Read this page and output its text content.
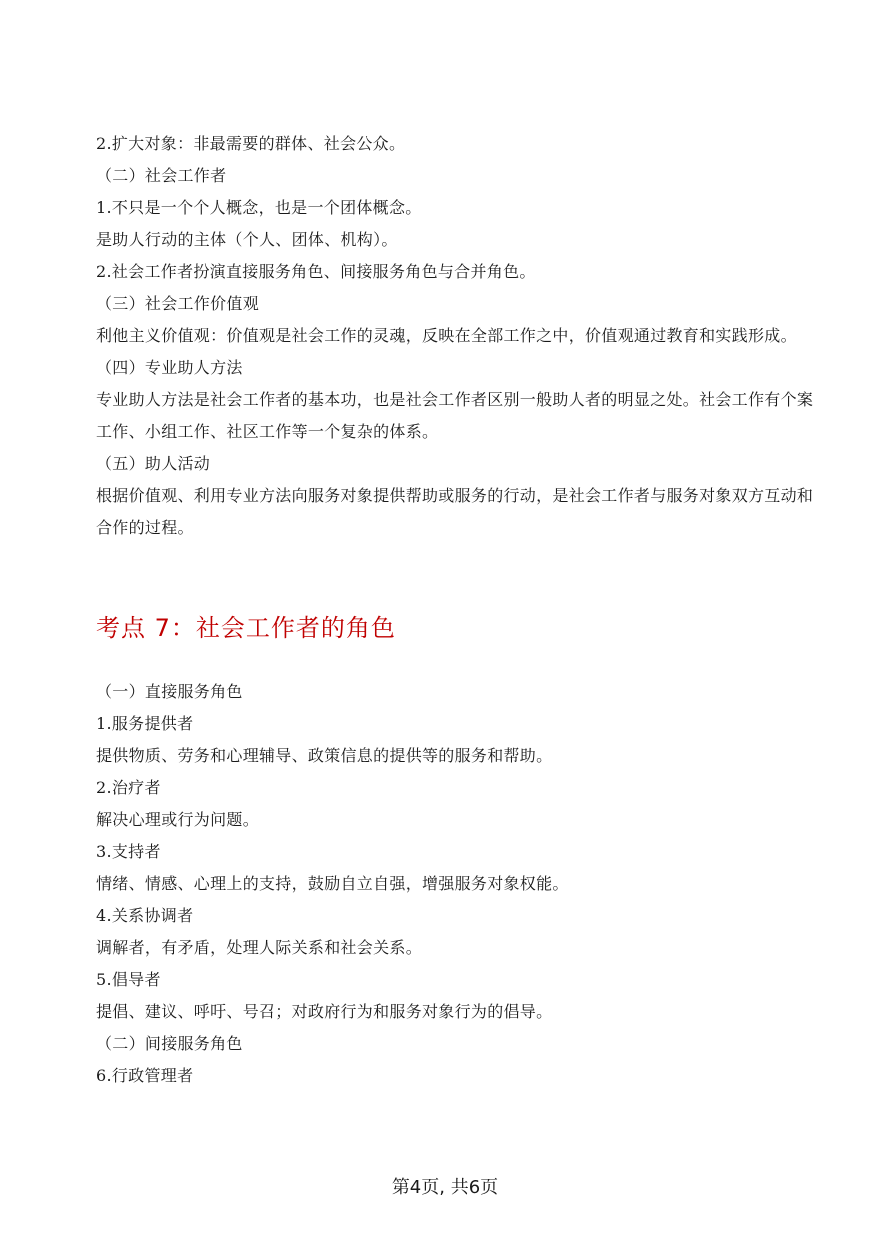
2.扩大对象：非最需要的群体、社会公众。
（二）社会工作者
1.不只是一个个人概念，也是一个团体概念。
是助人行动的主体（个人、团体、机构）。
2.社会工作者扮演直接服务角色、间接服务角色与合并角色。
（三）社会工作价值观
利他主义价值观：价值观是社会工作的灵魂，反映在全部工作之中，价值观通过教育和实践形成。
（四）专业助人方法
专业助人方法是社会工作者的基本功，也是社会工作者区别一般助人者的明显之处。社会工作有个案工作、小组工作、社区工作等一个复杂的体系。
（五）助人活动
根据价值观、利用专业方法向服务对象提供帮助或服务的行动，是社会工作者与服务对象双方互动和合作的过程。
考点 7：社会工作者的角色
（一）直接服务角色
1.服务提供者
提供物质、劳务和心理辅导、政策信息的提供等的服务和帮助。
2.治疗者
解决心理或行为问题。
3.支持者
情绪、情感、心理上的支持，鼓励自立自强，增强服务对象权能。
4.关系协调者
调解者，有矛盾，处理人际关系和社会关系。
5.倡导者
提倡、建议、呼吁、号召；对政府行为和服务对象行为的倡导。
（二）间接服务角色
6.行政管理者
第4页, 共6页
